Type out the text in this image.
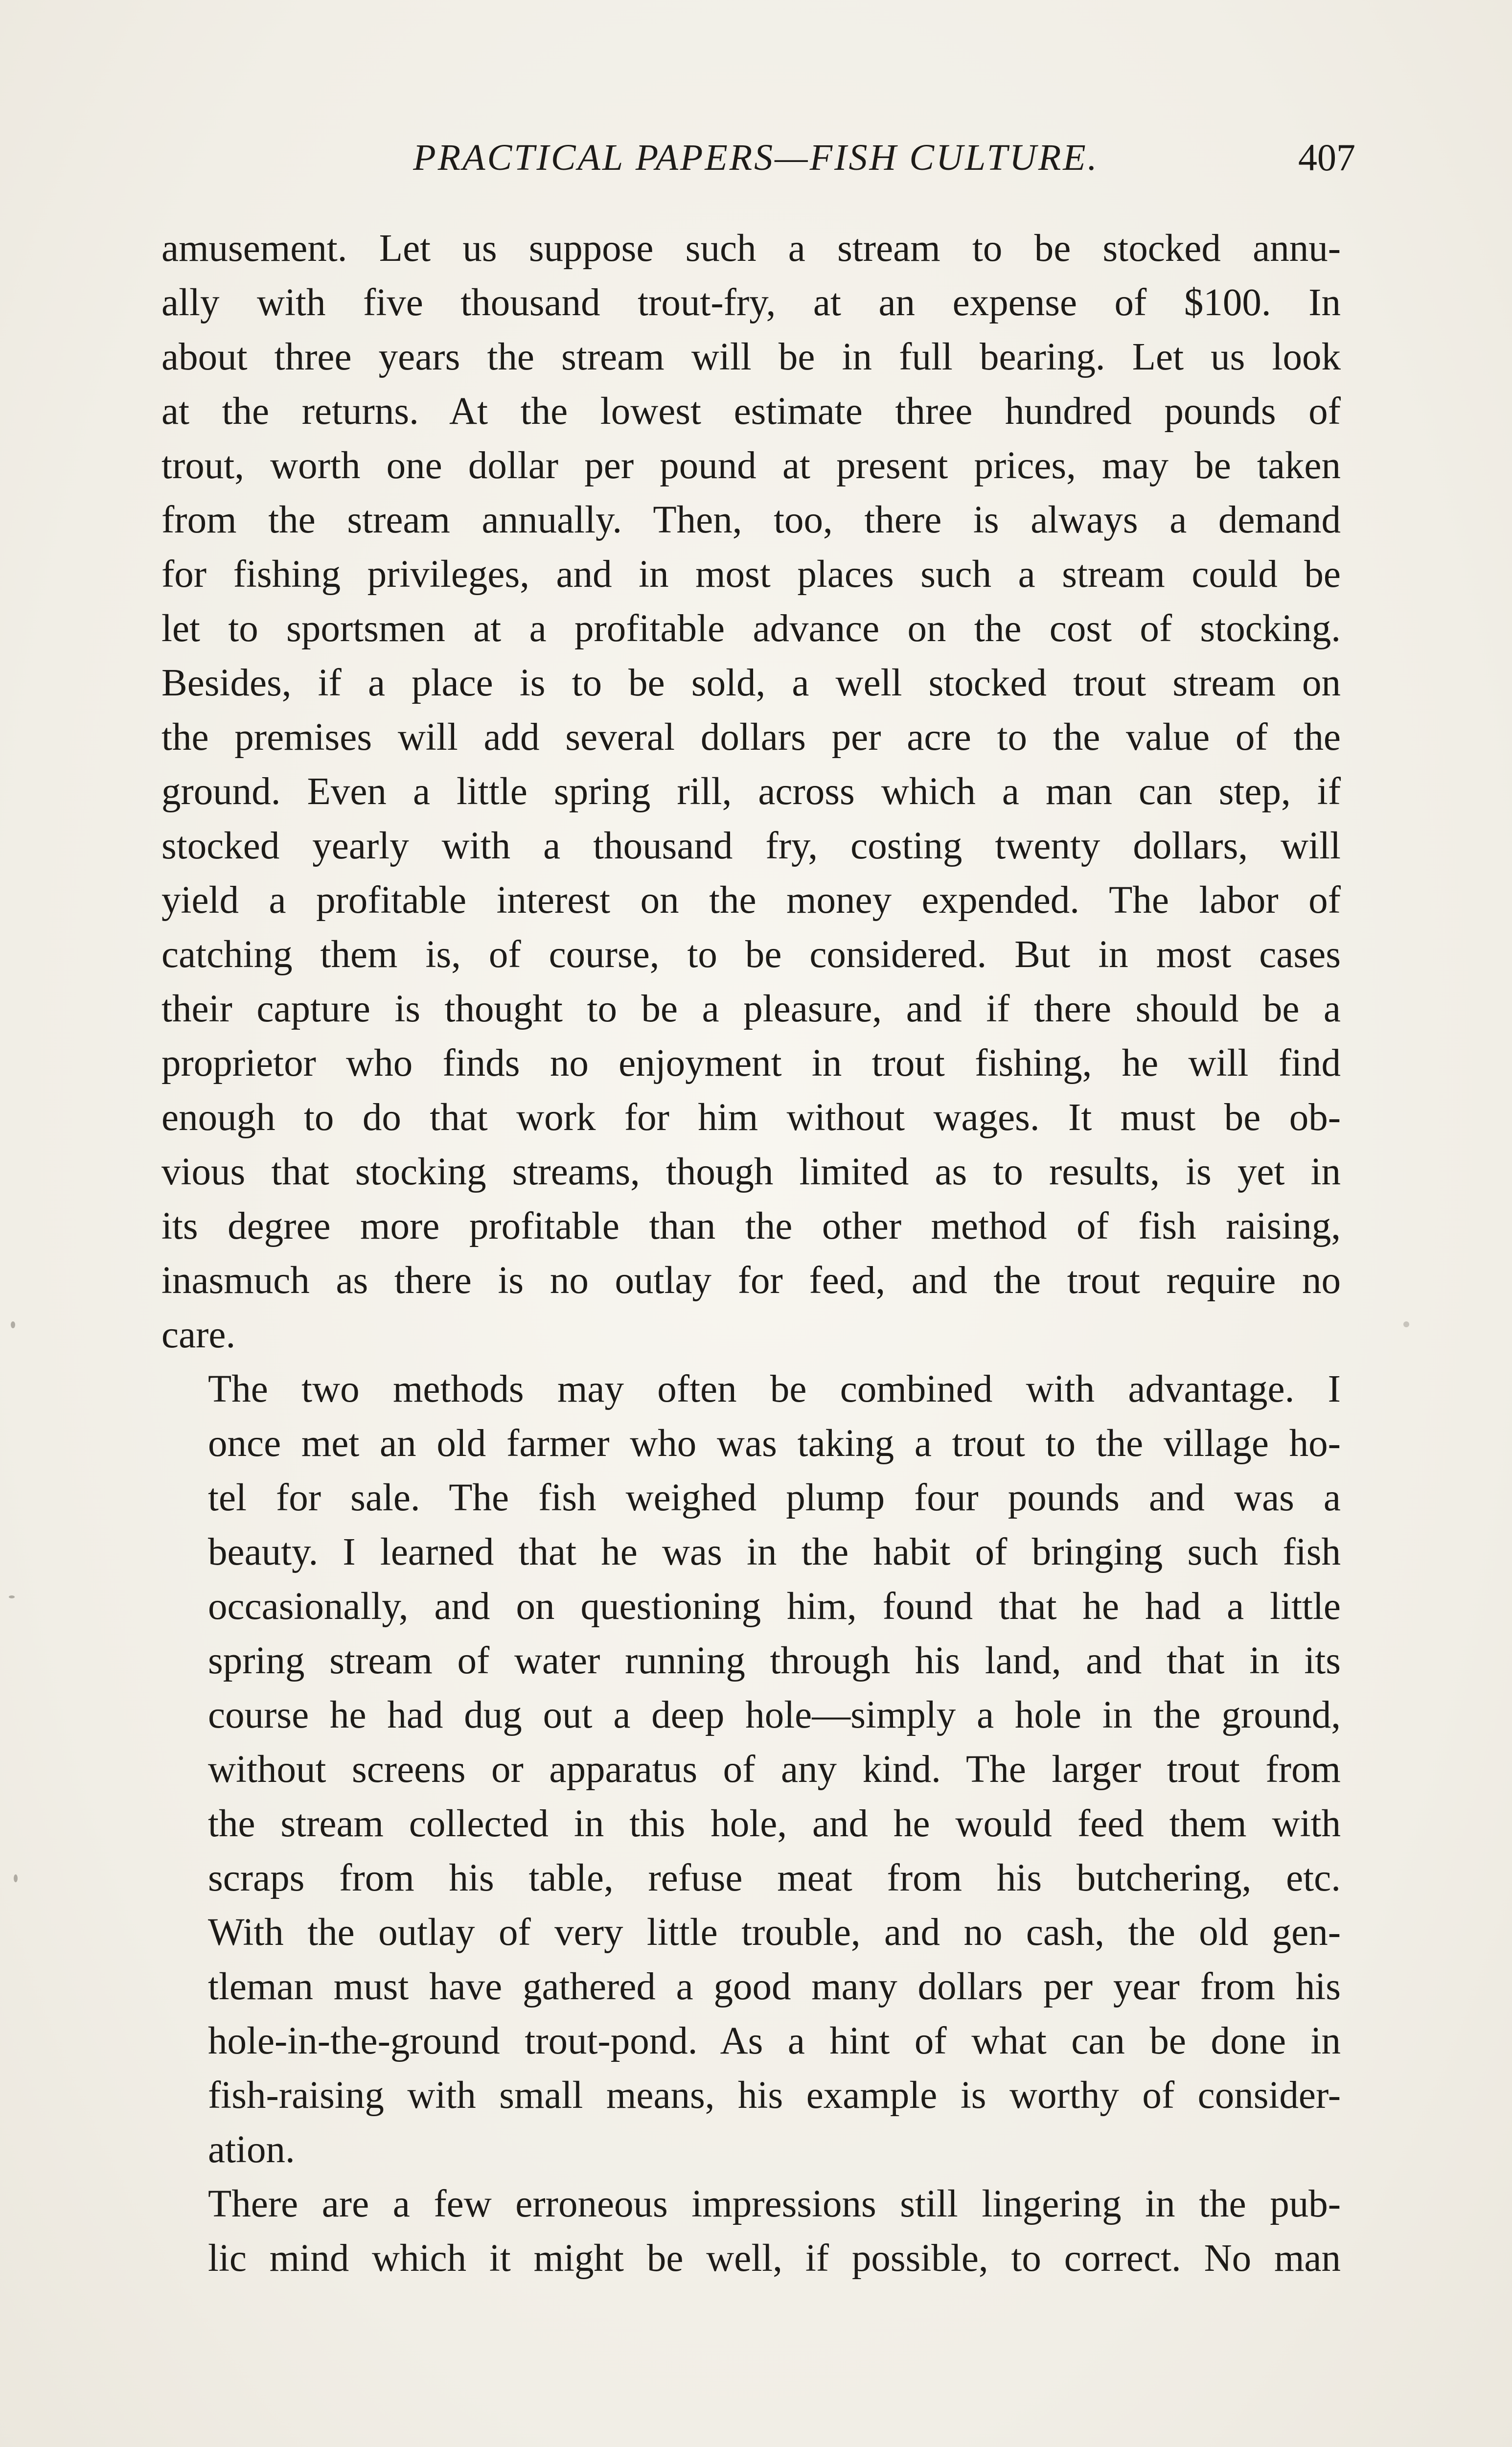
PRACTICAL PAPERS—FISH CULTURE.	407

amusement. Let us suppose such a stream to be stocked annu-
ally with five thousand trout-fry, at an expense of $100. In
about three years the stream will be in full bearing. Let us look
at the returns. At the lowest estimate three hundred pounds of
trout, worth one dollar per pound at present prices, may be taken
from the stream annually. Then, too, there is always a demand
for fishing privileges, and in most places such a stream could be
let to sportsmen at a profitable advance on the cost of stocking.
Besides, if a place is to be sold, a well stocked trout stream on
the premises will add several dollars per acre to the value of the
ground. Even a little spring rill, across which a man can step, if
stocked yearly with a thousand fry, costing twenty dollars, will
yield a profitable interest on the money expended. The labor of
catching them is, of course, to be considered. But in most cases
their capture is thought to be a pleasure, and if there should be a
proprietor who finds no enjoyment in trout fishing, he will find
enough to do that work for him without wages. It must be ob-
vious that stocking streams, though limited as to results, is yet in
its degree more profitable than the other method of fish raising,
inasmuch as there is no outlay for feed, and the trout require no
care.

The two methods may often be combined with advantage. I
once met an old farmer who was taking a trout to the village ho-
tel for sale. The fish weighed plump four pounds and was a
beauty. I learned that he was in the habit of bringing such fish
occasionally, and on questioning him, found that he had a little
spring stream of water running through his land, and that in its
course he had dug out a deep hole—simply a hole in the ground,
without screens or apparatus of any kind. The larger trout from
the stream collected in this hole, and he would feed them with
scraps from his table, refuse meat from his butchering, etc.
With the outlay of very little trouble, and no cash, the old gen-
tleman must have gathered a good many dollars per year from his
hole-in-the-ground trout-pond. As a hint of what can be done in
fish-raising with small means, his example is worthy of consider-
ation.

There are a few erroneous impressions still lingering in the pub-
lic mind which it might be well, if possible, to correct. No man
